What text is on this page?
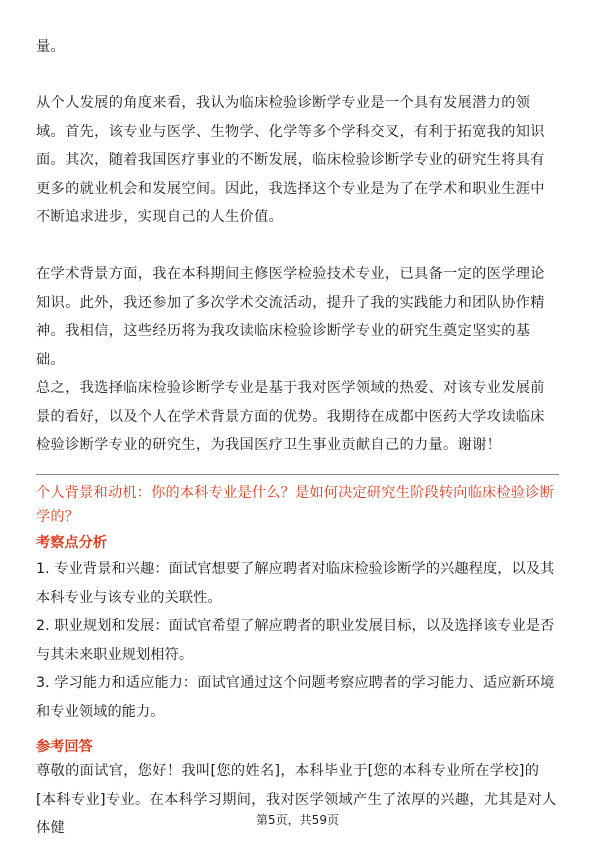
量。

从个人发展的角度来看，我认为临床检验诊断学专业是一个具有发展潜力的领域。首先，该专业与医学、生物学、化学等多个学科交叉，有利于拓宽我的知识面。其次，随着我国医疗事业的不断发展，临床检验诊断学专业的研究生将具有更多的就业机会和发展空间。因此，我选择这个专业是为了在学术和职业生涯中不断追求进步，实现自己的人生价值。

在学术背景方面，我在本科期间主修医学检验技术专业，已具备一定的医学理论知识。此外，我还参加了多次学术交流活动，提升了我的实践能力和团队协作精神。我相信，这些经历将为我攻读临床检验诊断学专业的研究生奠定坚实的基础。

总之，我选择临床检验诊断学专业是基于我对医学领域的热爱、对该专业发展前景的看好，以及个人在学术背景方面的优势。我期待在成都中医药大学攻读临床检验诊断学专业的研究生，为我国医疗卫生事业贡献自己的力量。谢谢！

个人背景和动机：你的本科专业是什么？是如何决定研究生阶段转向临床检验诊断学的？

考察点分析

1. 专业背景和兴趣：面试官想要了解应聘者对临床检验诊断学的兴趣程度，以及其本科专业与该专业的关联性。

2. 职业规划和发展：面试官希望了解应聘者的职业发展目标，以及选择该专业是否与其未来职业规划相符。

3. 学习能力和适应能力：面试官通过这个问题考察应聘者的学习能力、适应新环境和专业领域的能力。

参考回答

尊敬的面试官，您好！我叫[您的姓名]，本科毕业于[您的本科专业所在学校]的[本科专业]专业。在本科学习期间，我对医学领域产生了浓厚的兴趣，尤其是对人体健	第5页，共59页
